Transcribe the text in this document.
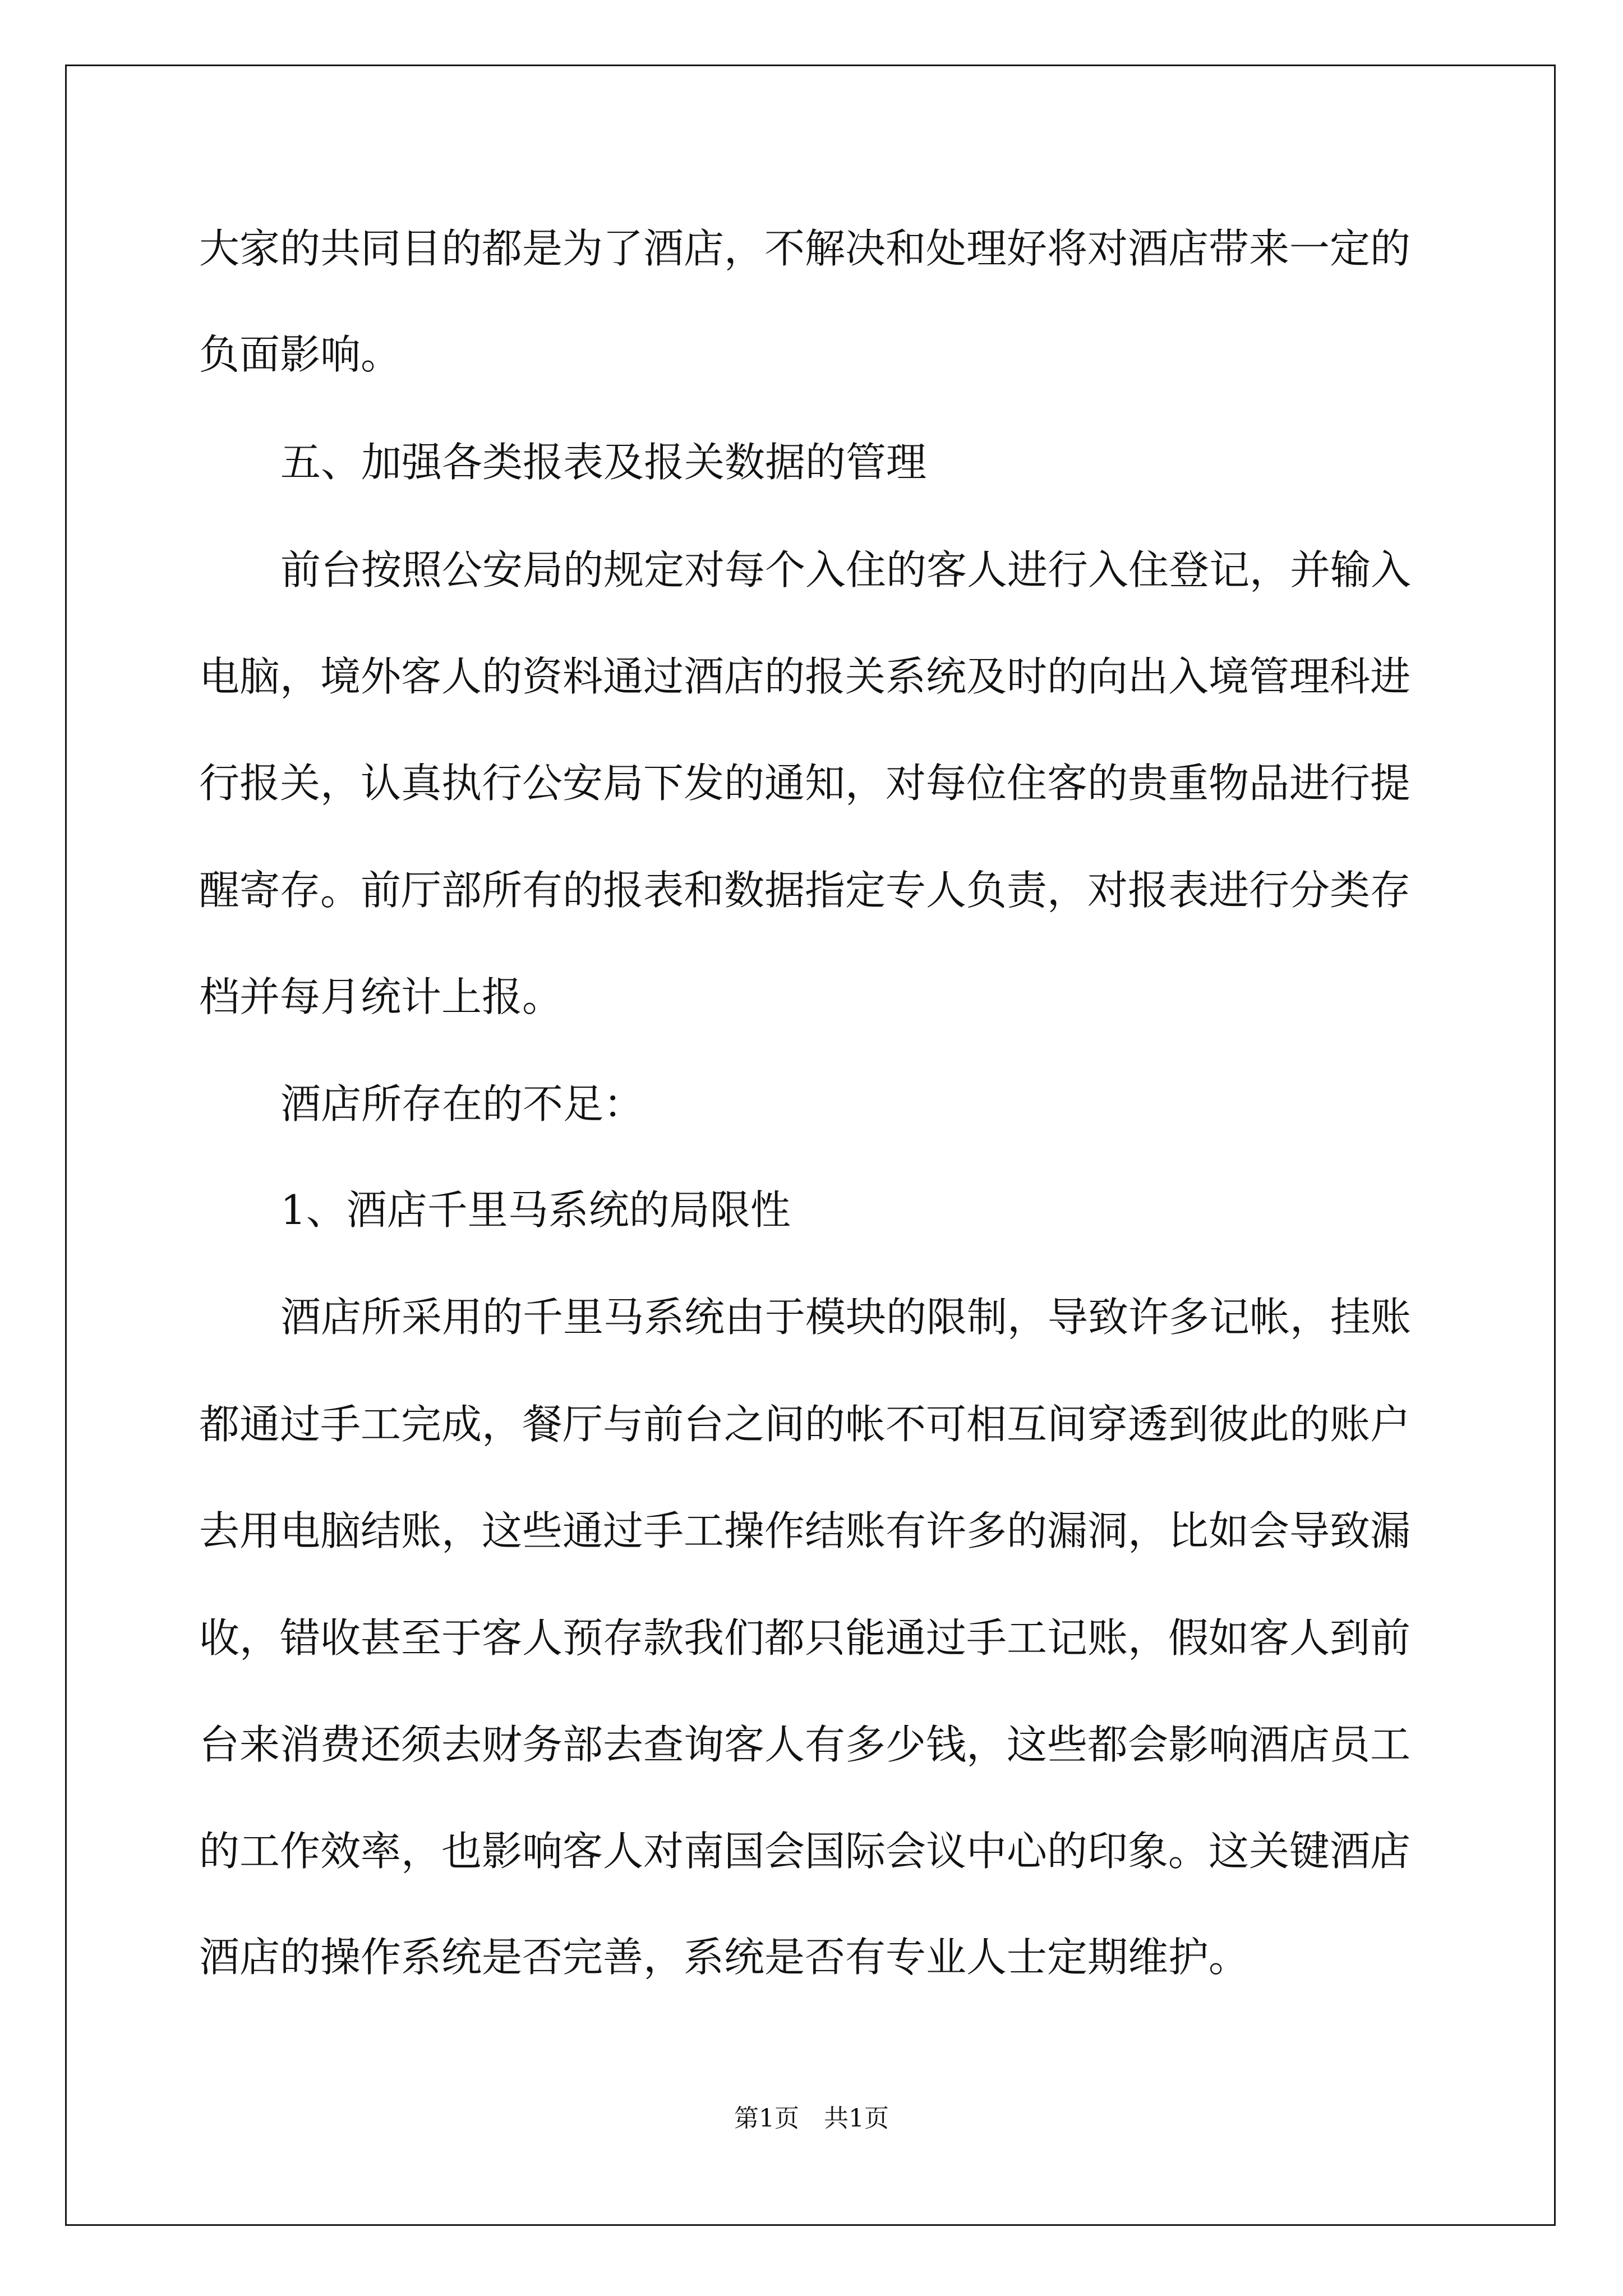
大家的共同目的都是为了酒店，不解决和处理好将对酒店带来一定的

负面影响。

五、加强各类报表及报关数据的管理

前台按照公安局的规定对每个入住的客人进行入住登记，并输入

电脑，境外客人的资料通过酒店的报关系统及时的向出入境管理科进

行报关，认真执行公安局下发的通知，对每位住客的贵重物品进行提

醒寄存。前厅部所有的报表和数据指定专人负责，对报表进行分类存

档并每月统计上报。

酒店所存在的不足：

1、酒店千里马系统的局限性

酒店所采用的千里马系统由于模块的限制，导致许多记帐，挂账

都通过手工完成，餐厅与前台之间的帐不可相互间穿透到彼此的账户

去用电脑结账，这些通过手工操作结账有许多的漏洞，比如会导致漏

收，错收甚至于客人预存款我们都只能通过手工记账，假如客人到前

台来消费还须去财务部去查询客人有多少钱，这些都会影响酒店员工

的工作效率，也影响客人对南国会国际会议中心的印象。这关键酒店

酒店的操作系统是否完善，系统是否有专业人士定期维护。

第1页 共1页
